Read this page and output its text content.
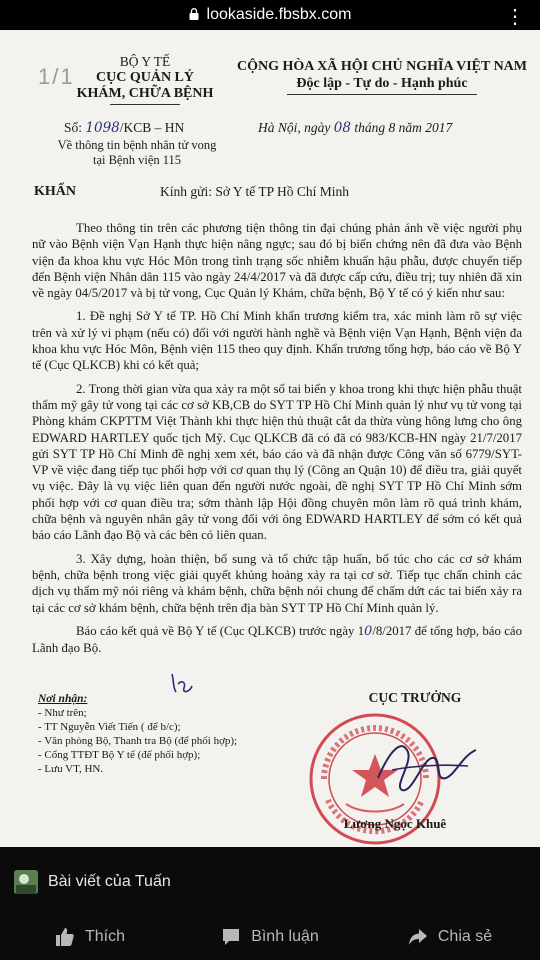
lookaside.fbsbx.com	⋮
1/1
BỘ Y TẾ
CỤC QUẢN LÝ
KHÁM, CHỮA BỆNH
CỘNG HÒA XÃ HỘI CHỦ NGHĨA VIỆT NAM
Độc lập - Tự do - Hạnh phúc
Số: 1098/KCB – HN	Hà Nội, ngày 08 tháng 8 năm 2017
Về thông tin bệnh nhân tử vong tại Bệnh viện 115
KHẨN	Kính gửi: Sở Y tế TP Hồ Chí Minh

Theo thông tin trên các phương tiện thông tin đại chúng phản ánh về việc người phụ nữ vào Bệnh viện Vạn Hạnh thực hiện nâng ngực; sau đó bị biến chứng nên đã đưa vào Bệnh viện đa khoa khu vực Hóc Môn trong tình trạng sốc nhiễm khuẩn hậu phẫu, được chuyển tiếp đến Bệnh viện Nhân dân 115 vào ngày 24/4/2017 và đã được cấp cứu, điều trị; tuy nhiên đã xin về ngày 04/5/2017 và bị tử vong, Cục Quản lý Khám, chữa bệnh, Bộ Y tế có ý kiến như sau:

1. Đề nghị Sở Y tế TP. Hồ Chí Minh khẩn trương kiểm tra, xác minh làm rõ sự việc trên và xử lý vi phạm (nếu có) đối với người hành nghề và Bệnh viện Vạn Hạnh, Bệnh viện đa khoa khu vực Hóc Môn, Bệnh viện 115 theo quy định. Khẩn trương tổng hợp, báo cáo về Bộ Y tế (Cục QLKCB) khi có kết quả;

2. Trong thời gian vừa qua xảy ra một số tai biến y khoa trong khi thực hiện phẫu thuật thẩm mỹ gây tử vong tại các cơ sở KB,CB do SYT TP Hồ Chí Minh quản lý như vụ tử vong tại Phòng khám CKPTTM Việt Thành khi thực hiện thủ thuật cắt da thừa vùng hông lưng cho ông EDWARD HARTLEY quốc tịch Mỹ. Cục QLKCB đã có đã có 983/KCB-HN ngày 21/7/2017 gửi SYT TP Hồ Chí Minh đề nghị xem xét, báo cáo và đã nhận được Công văn số 6779/SYT-VP về việc đang tiếp tục phối hợp với cơ quan thụ lý (Công an Quận 10) để điều tra, giải quyết vụ việc. Đây là vụ việc liên quan đến người nước ngoài, đề nghị SYT TP Hồ Chí Minh sớm phối hợp với cơ quan điều tra; sớm thành lập Hội đồng chuyên môn làm rõ quá trình khám, chữa bệnh và nguyên nhân gây tử vong đối với ông EDWARD HARTLEY để sớm có kết quả báo cáo Lãnh đạo Bộ và các bên có liên quan.

3. Xây dựng, hoàn thiện, bổ sung và tổ chức tập huấn, bổ túc cho các cơ sở khám bệnh, chữa bệnh trong việc giải quyết khủng hoảng xảy ra tại cơ sở. Tiếp tục chấn chỉnh các dịch vụ thẩm mỹ nói riêng và khám bệnh, chữa bệnh nói chung để chấm dứt các tai biến xảy ra tại các cơ sở khám bệnh, chữa bệnh trên địa bàn SYT TP Hồ Chí Minh quản lý.

Báo cáo kết quả về Bộ Y tế (Cục QLKCB) trước ngày 10/8/2017 để tổng hợp, báo cáo Lãnh đạo Bộ.

Nơi nhận:
- Như trên;
- TT Nguyễn Viết Tiến ( để b/c);
- Văn phòng Bộ, Thanh tra Bộ (để phối hợp);
- Cổng TTĐT Bộ Y tế (để phối hợp);
- Lưu VT, HN.
CỤC TRƯỞNG
Lương Ngọc Khuê
Bài viết của Tuấn
Thích	Bình luận	Chia sẻ
